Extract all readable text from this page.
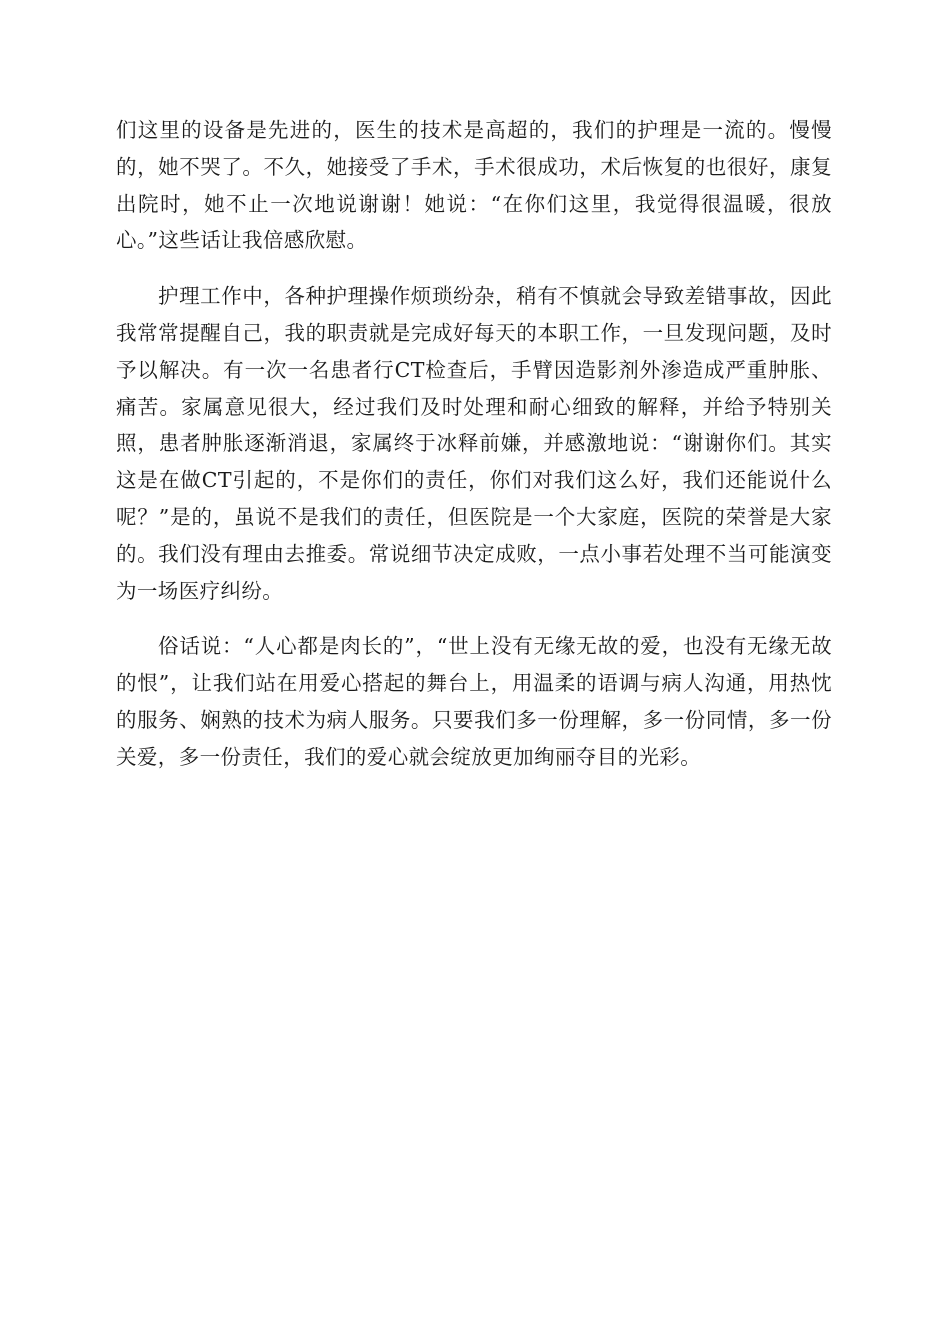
们这里的设备是先进的，医生的技术是高超的，我们的护理是一流的。慢慢的，她不哭了。不久，她接受了手术，手术很成功，术后恢复的也很好，康复出院时，她不止一次地说谢谢！她说：“在你们这里，我觉得很温暖，很放心。”这些话让我倍感欣慰。

护理工作中，各种护理操作烦琐纷杂，稍有不慎就会导致差错事故，因此我常常提醒自己，我的职责就是完成好每天的本职工作，一旦发现问题，及时予以解决。有一次一名患者行CT检查后，手臂因造影剂外渗造成严重肿胀、痛苦。家属意见很大，经过我们及时处理和耐心细致的解释，并给予特别关照，患者肿胀逐渐消退，家属终于冰释前嫌，并感激地说：“谢谢你们。其实这是在做CT引起的，不是你们的责任，你们对我们这么好，我们还能说什么呢？”是的，虽说不是我们的责任，但医院是一个大家庭，医院的荣誉是大家的。我们没有理由去推委。常说细节决定成败，一点小事若处理不当可能演变为一场医疗纠纷。

俗话说：“人心都是肉长的”，“世上没有无缘无故的爱，也没有无缘无故的恨”，让我们站在用爱心搭起的舞台上，用温柔的语调与病人沟通，用热忱的服务、娴熟的技术为病人服务。只要我们多一份理解，多一份同情，多一份关爱，多一份责任，我们的爱心就会绽放更加绚丽夺目的光彩。
